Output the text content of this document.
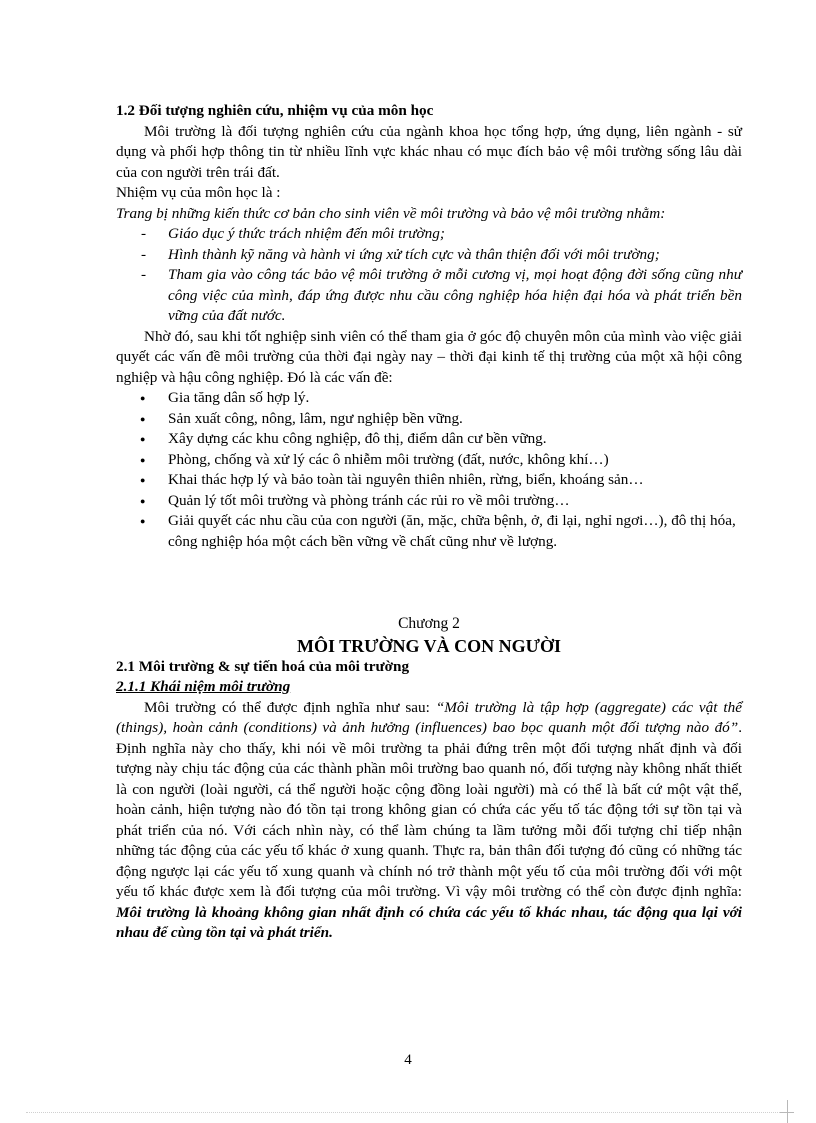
1.2 Đối tượng nghiên cứu, nhiệm vụ của môn học

Môi trường là đối tượng nghiên cứu của ngành khoa học tổng hợp, ứng dụng, liên ngành - sử dụng và phối hợp thông tin từ nhiều lĩnh vực khác nhau có mục đích bảo vệ môi trường sống lâu dài của con người trên trái đất.

Nhiệm vụ của môn học là :

Trang bị những kiến thức cơ bản cho sinh viên về môi trường và bảo vệ môi trường nhằm:

- Giáo dục ý thức trách nhiệm đến môi trường;
- Hình thành kỹ năng và hành vi ứng xử tích cực và thân thiện đối với môi trường;
- Tham gia vào công tác bảo vệ môi trường ở mỗi cương vị, mọi hoạt động đời sống cũng như công việc của mình, đáp ứng được nhu cầu công nghiệp hóa hiện đại hóa và phát triển bền vững của đất nước.

Nhờ đó, sau khi tốt nghiệp sinh viên có thể tham gia ở góc độ chuyên môn của mình vào việc giải quyết các vấn đề môi trường của thời đại ngày nay – thời đại kinh tế thị trường của một xã hội công nghiệp và hậu công nghiệp. Đó là các vấn đề:

● Gia tăng dân số hợp lý.
● Sản xuất công, nông, lâm, ngư nghiệp bền vững.
● Xây dựng các khu công nghiệp, đô thị, điểm dân cư bền vững.
● Phòng, chống và xử lý các ô nhiễm môi trường (đất, nước, không khí…)
● Khai thác hợp lý và bảo toàn tài nguyên thiên nhiên, rừng, biển, khoáng sản…
● Quản lý tốt môi trường và phòng tránh các rủi ro về môi trường…
● Giải quyết các nhu cầu của con người (ăn, mặc, chữa bệnh, ở, đi lại, nghỉ ngơi…), đô thị hóa, công nghiệp hóa một cách bền vững về chất cũng như về lượng.
Chương 2
MÔI TRƯỜNG VÀ CON NGƯỜI

2.1 Môi trường & sự tiến hoá của môi trường

2.1.1 Khái niệm môi trường

Môi trường có thể được định nghĩa như sau: “Môi trường là tập hợp (aggregate) các vật thể (things), hoàn cảnh (conditions) và ảnh hưởng (influences) bao bọc quanh một đối tượng nào đó”. Định nghĩa này cho thấy, khi nói về môi trường ta phải đứng trên một đối tượng nhất định và đối tượng này chịu tác động của các thành phần môi trường bao quanh nó, đối tượng này không nhất thiết là con người (loài người, cá thể người hoặc cộng đồng loài người) mà có thể là bất cứ một vật thể, hoàn cảnh, hiện tượng nào đó tồn tại trong không gian có chứa các yếu tố tác động tới sự tồn tại và phát triển của nó. Với cách nhìn này, có thể làm chúng ta lầm tưởng mỗi đối tượng chỉ tiếp nhận những tác động của các yếu tố khác ở xung quanh. Thực ra, bản thân đối tượng đó cũng có những tác động ngược lại các yếu tố xung quanh và chính nó trở thành một yếu tố của môi trường đối với một yếu tố khác được xem là đối tượng của môi trường. Vì vậy môi trường có thể còn được định nghĩa: Môi trường là khoảng không gian nhất định có chứa các yếu tố khác nhau, tác động qua lại với nhau để cùng tồn tại và phát triển.

4
